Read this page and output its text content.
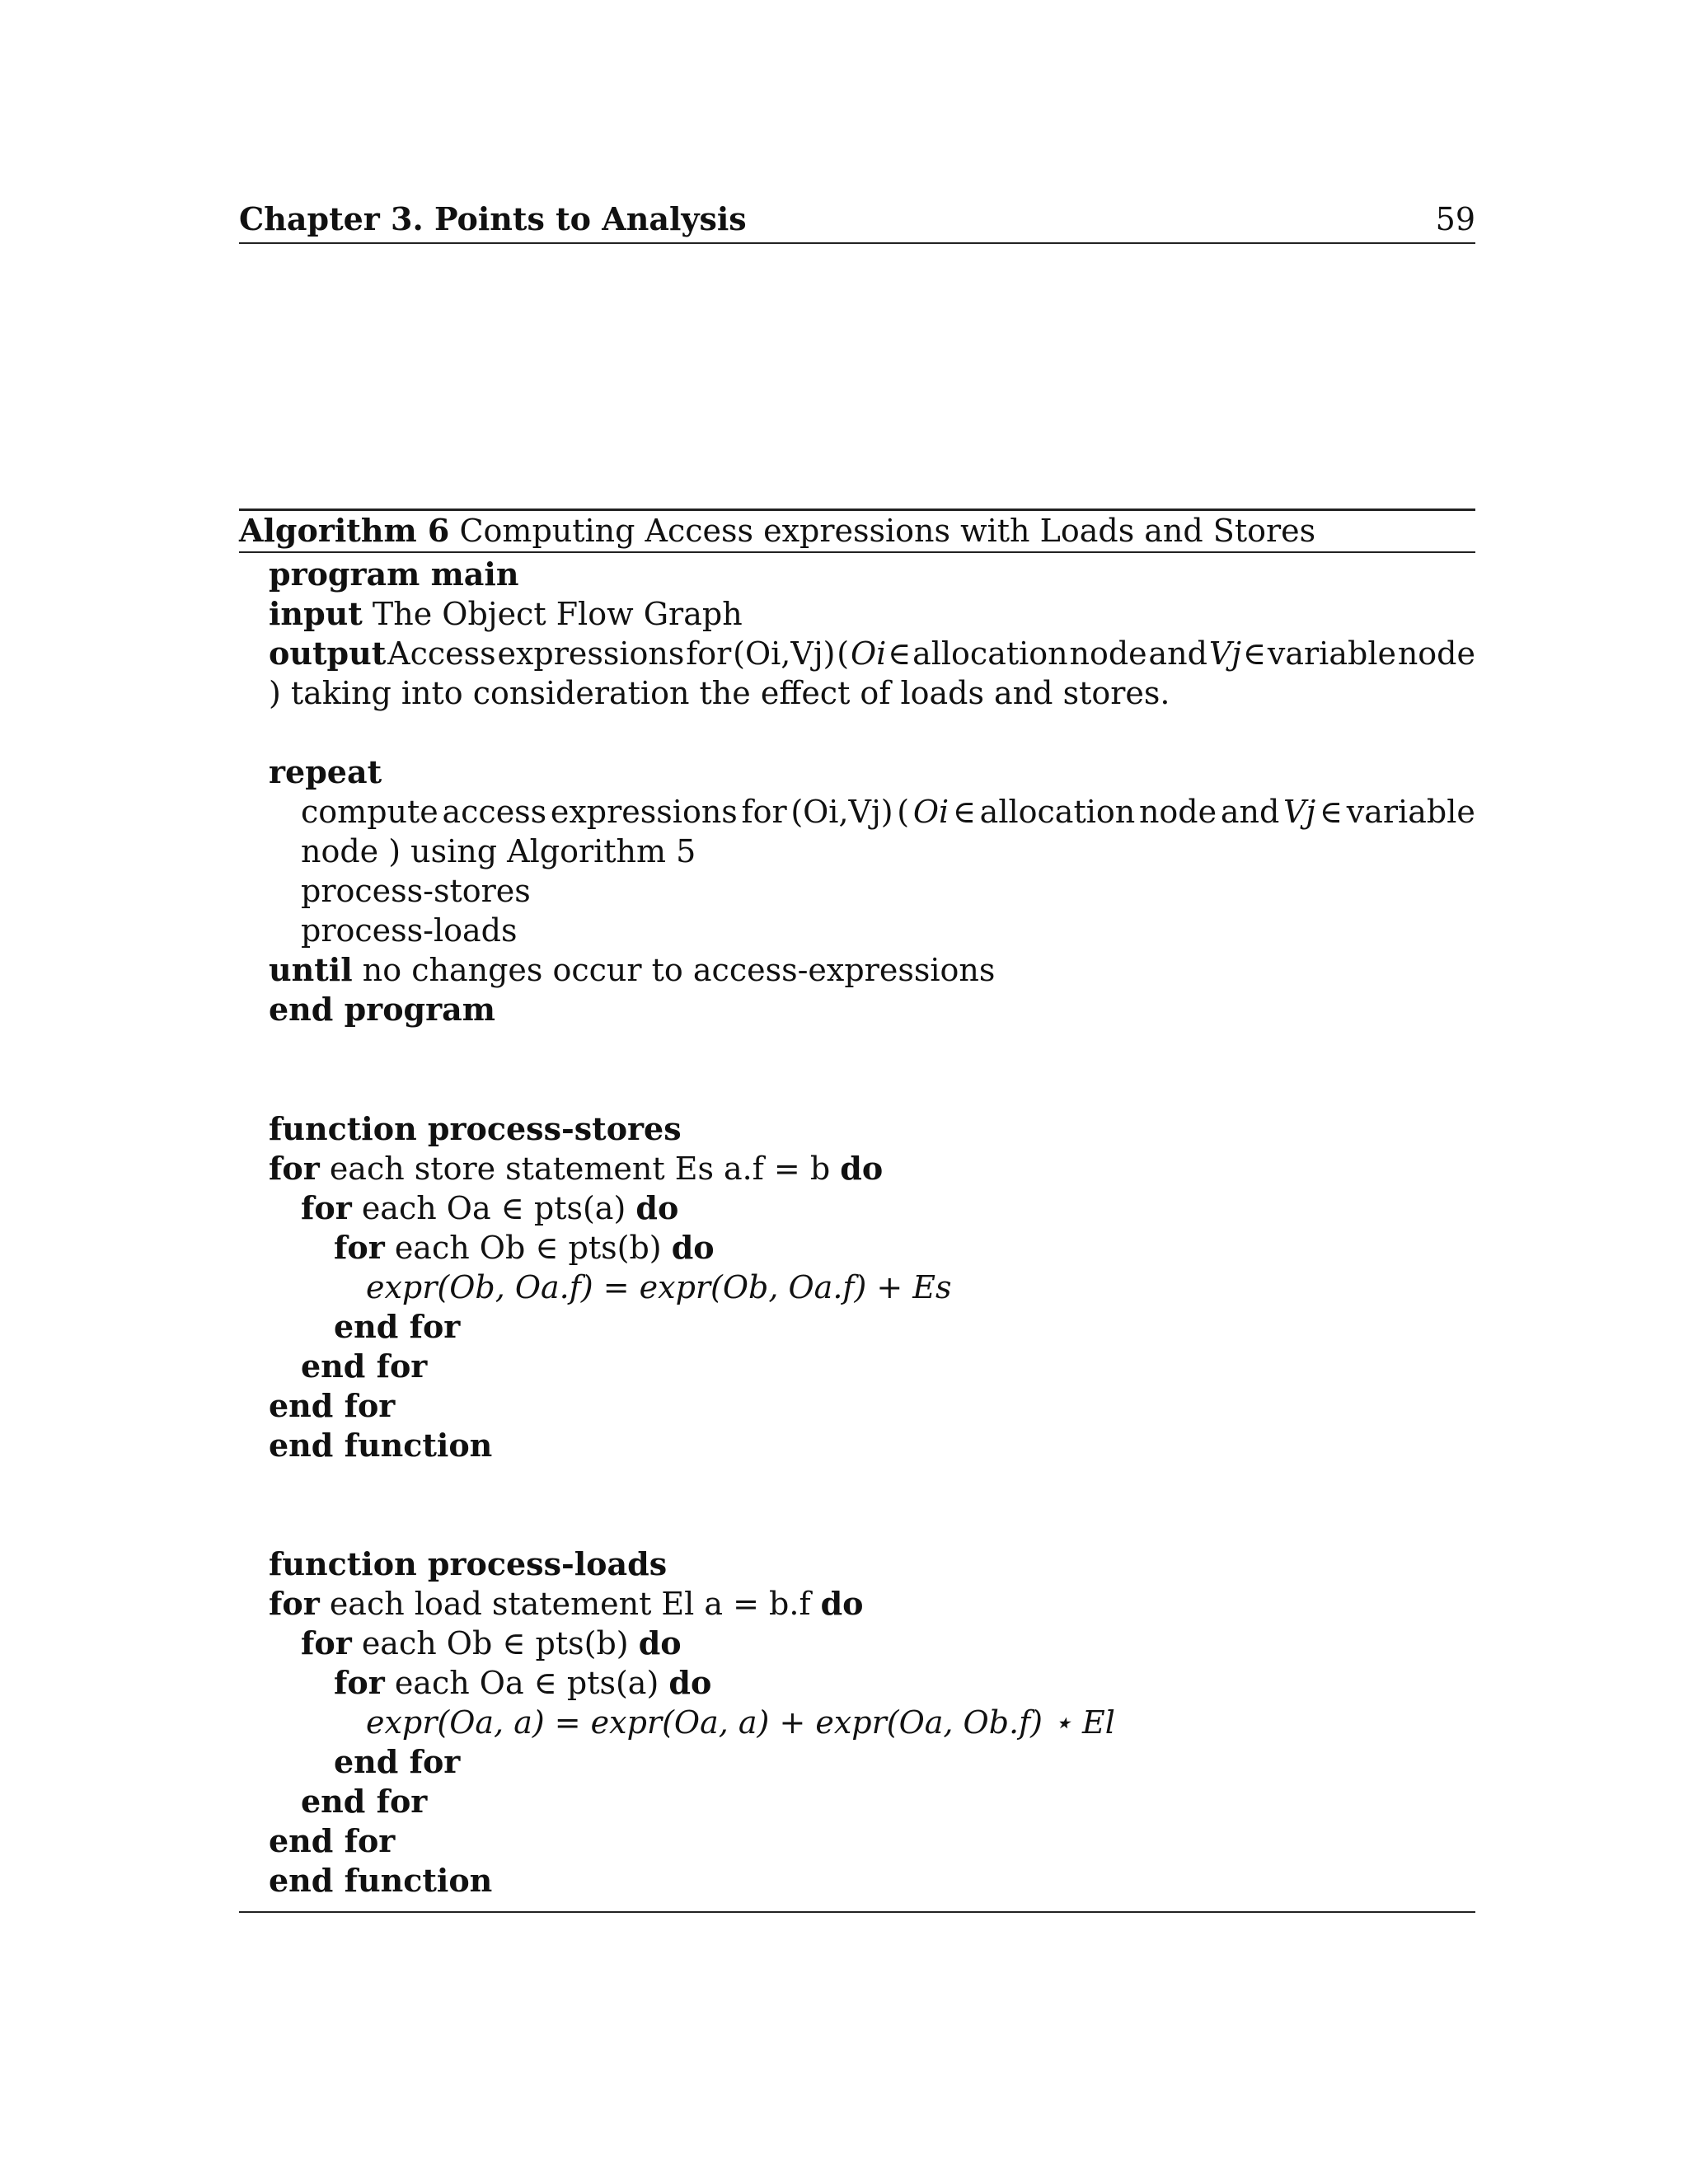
Chapter 3. Points to Analysis	59
Algorithm 6 Computing Access expressions with Loads and Stores
program main
input The Object Flow Graph
output Access expressions for (Oi,Vj) ( Oi ∈ allocation node and Vj ∈ variable node
) taking into consideration the effect of loads and stores.
repeat
compute access expressions for (Oi,Vj) ( Oi ∈ allocation node and Vj ∈ variable
node ) using Algorithm 5
process-stores
process-loads
until no changes occur to access-expressions
end program
function process-stores
for each store statement Es a.f = b do
for each Oa ∈ pts(a) do
for each Ob ∈ pts(b) do
expr(Ob, Oa.f) = expr(Ob, Oa.f) + Es
end for
end for
end for
end function
function process-loads
for each load statement El a = b.f do
for each Ob ∈ pts(b) do
for each Oa ∈ pts(a) do
expr(Oa, a) = expr(Oa, a) + expr(Oa, Ob.f) ⋆ El
end for
end for
end for
end function
